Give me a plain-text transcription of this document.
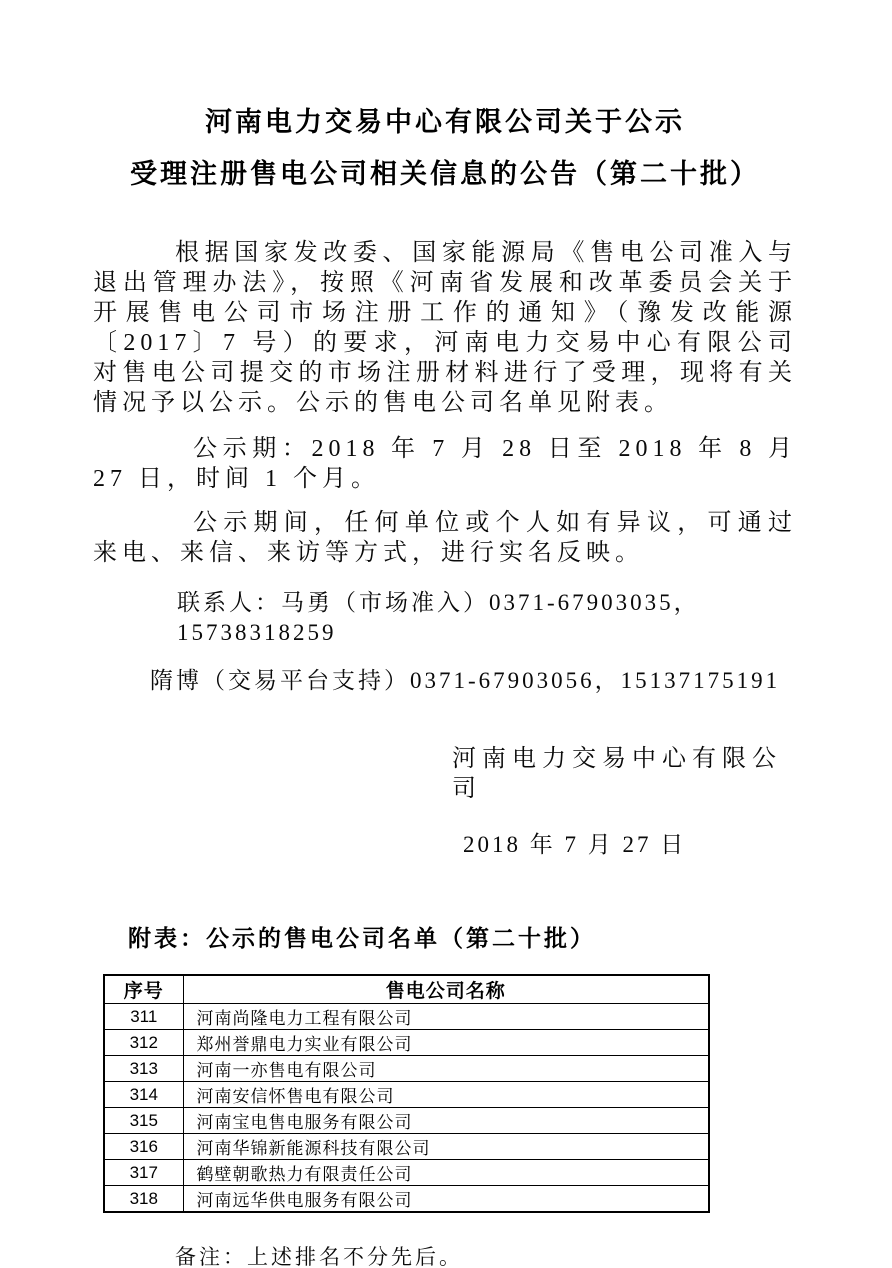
河南电力交易中心有限公司关于公示
受理注册售电公司相关信息的公告（第二十批）

根据国家发改委、国家能源局《售电公司准入与退出管理办法》，按照《河南省发展和改革委员会关于开展售电公司市场注册工作的通知》（豫发改能源〔2017〕7 号）的要求，河南电力交易中心有限公司对售电公司提交的市场注册材料进行了受理，现将有关情况予以公示。公示的售电公司名单见附表。

公示期：2018 年 7 月 28 日至 2018 年 8 月 27 日，时间 1 个月。

公示期间，任何单位或个人如有异议，可通过来电、来信、来访等方式，进行实名反映。

联系人：马勇（市场准入）0371-67903035，15738318259

隋博（交易平台支持）0371-67903056，15137175191

河南电力交易中心有限公司

2018 年 7 月 27 日

附表：公示的售电公司名单（第二十批）
序号	售电公司名称
311	河南尚隆电力工程有限公司
312	郑州誉鼎电力实业有限公司
313	河南一亦售电有限公司
314	河南安信怀售电有限公司
315	河南宝电售电服务有限公司
316	河南华锦新能源科技有限公司
317	鹤壁朝歌热力有限责任公司
318	河南远华供电服务有限公司

备注：上述排名不分先后。
